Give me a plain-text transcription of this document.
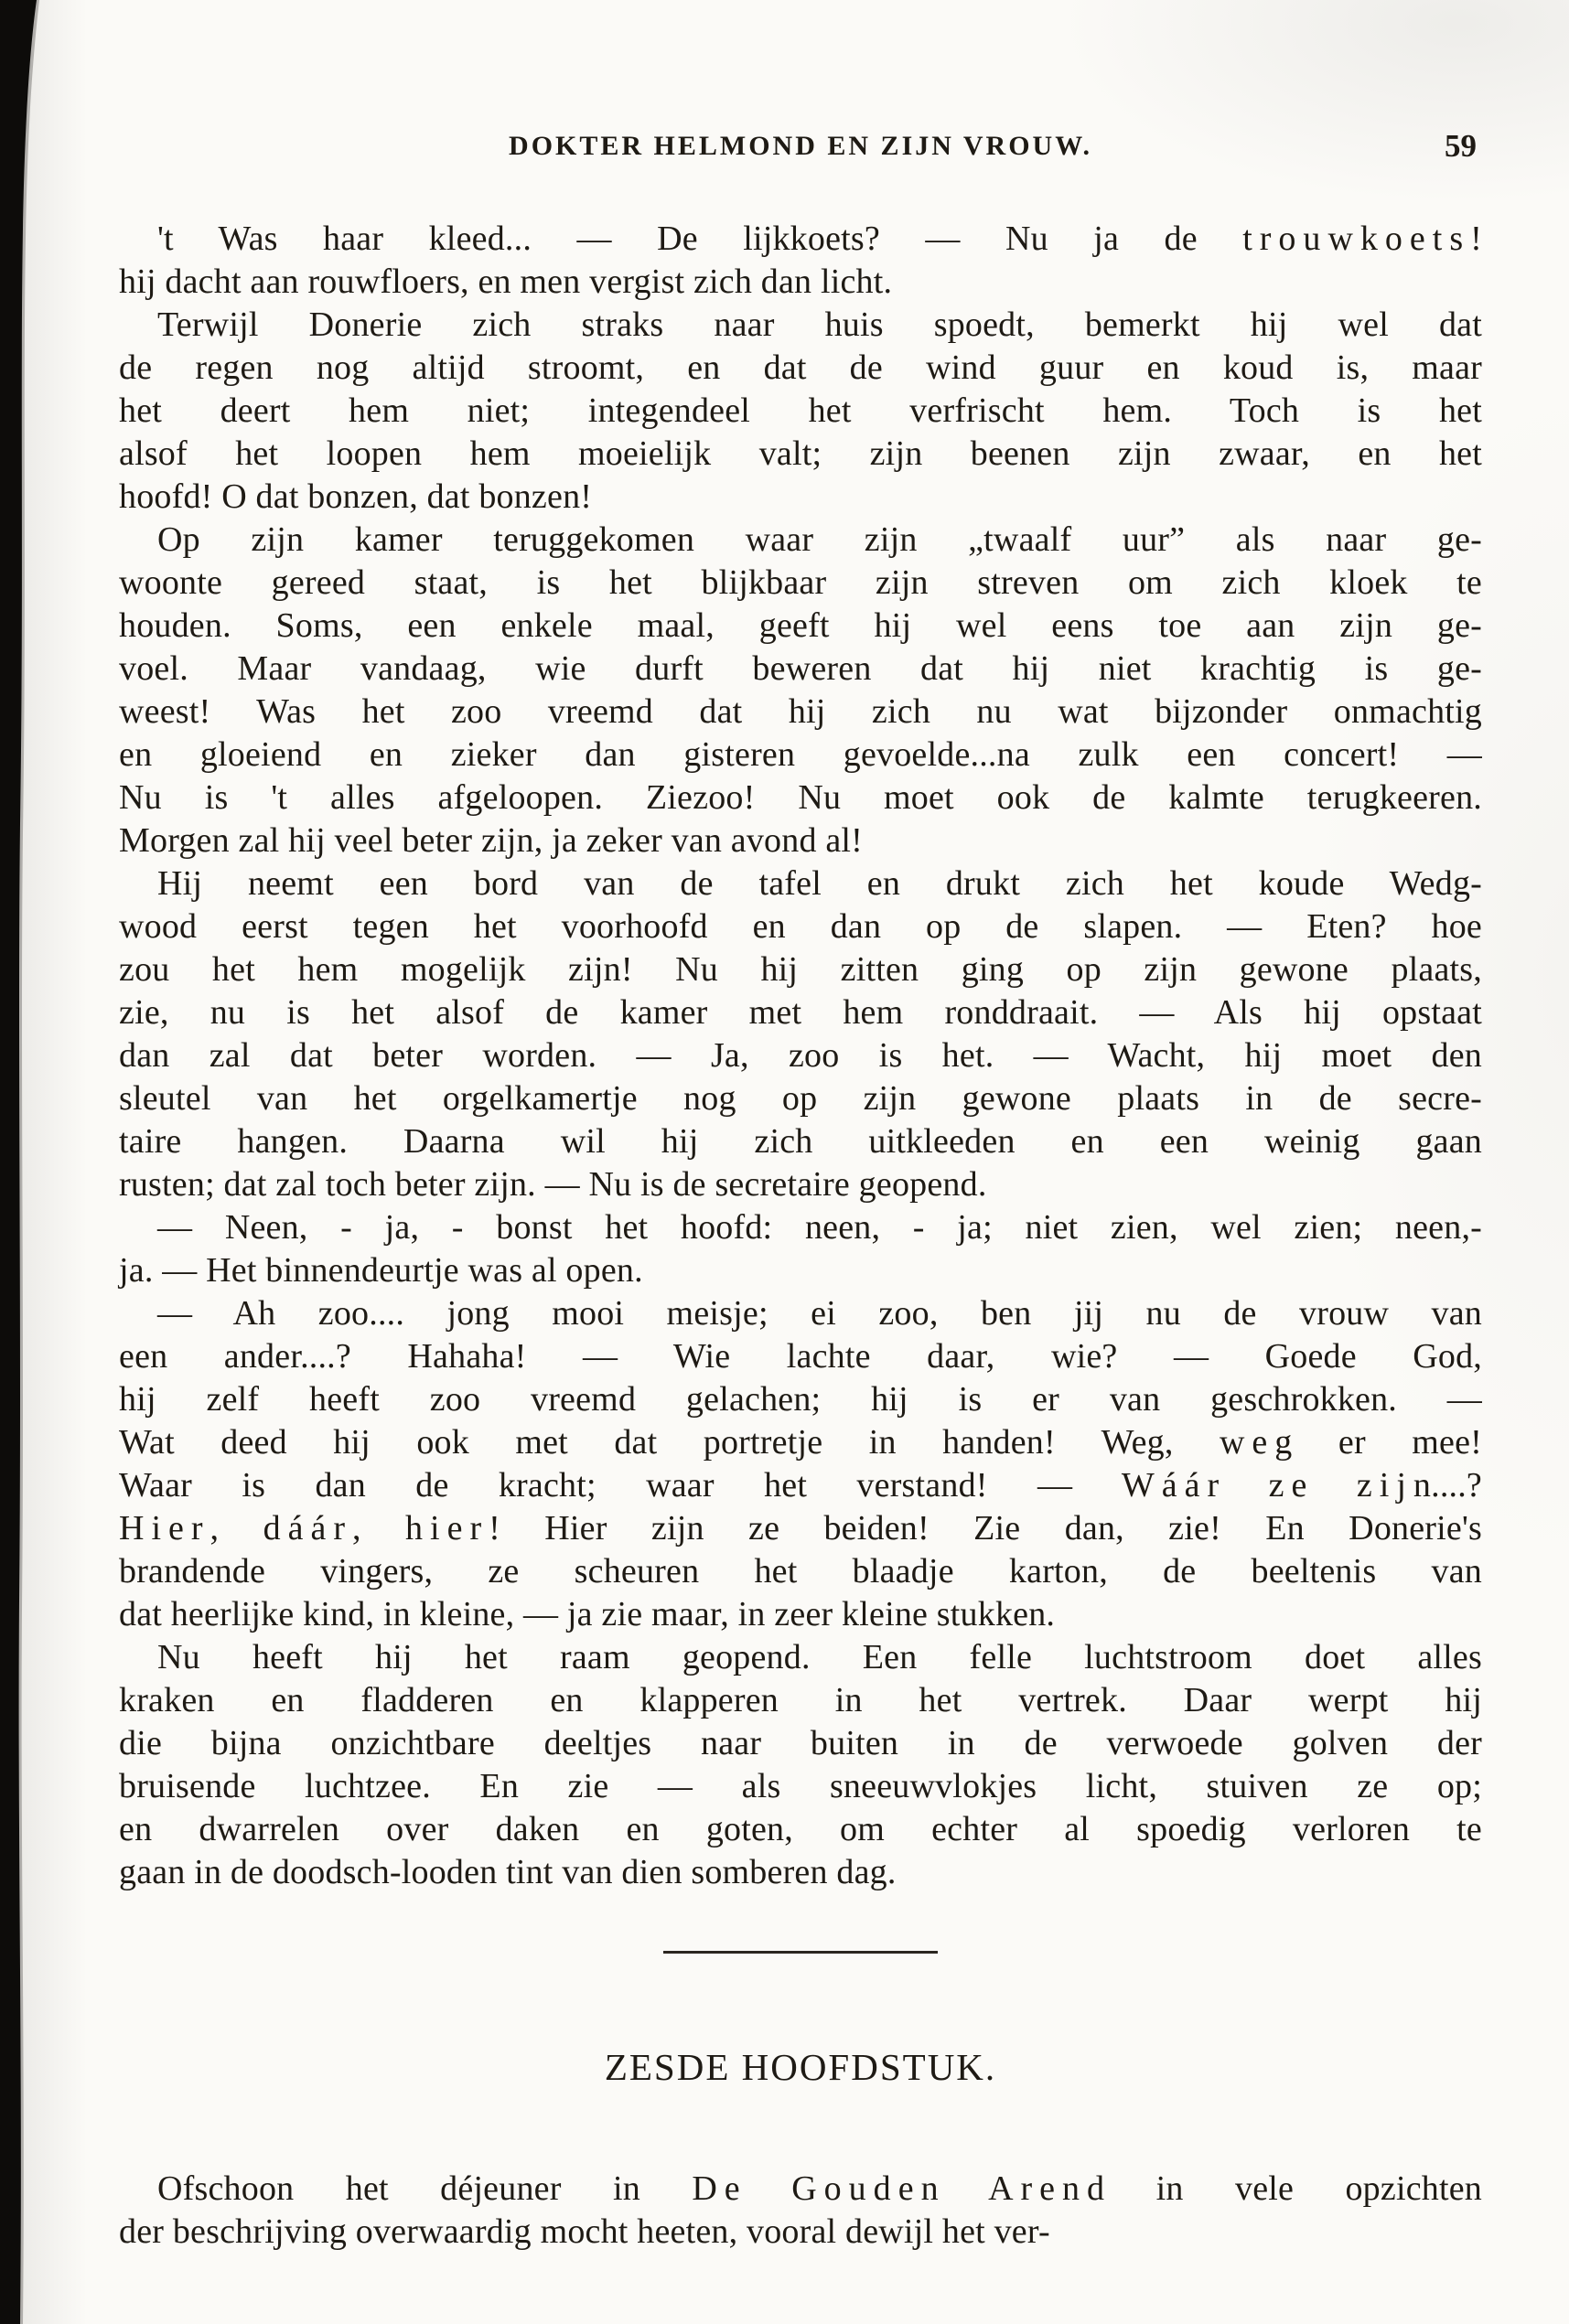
DOKTER HELMOND EN ZIJN VROUW.	59

't Was haar kleed... — De lijkkoets? — Nu ja de t r o u w k o e t s !
hij dacht aan rouwfloers, en men vergist zich dan licht.

Terwijl Donerie zich straks naar huis spoedt, bemerkt hij wel dat
de regen nog altijd stroomt, en dat de wind guur en koud is, maar
het deert hem niet; integendeel het verfrischt hem. Toch is het
alsof het loopen hem moeielijk valt; zijn beenen zijn zwaar, en het
hoofd! O dat bonzen, dat bonzen!

Op zijn kamer teruggekomen waar zijn „twaalf uur” als naar ge-
woonte gereed staat, is het blijkbaar zijn streven om zich kloek te
houden. Soms, een enkele maal, geeft hij wel eens toe aan zijn ge-
voel. Maar vandaag, wie durft beweren dat hij niet krachtig is ge-
weest! Was het zoo vreemd dat hij zich nu wat bijzonder onmachtig
en gloeiend en zieker dan gisteren gevoelde...na zulk een concert! —
Nu is 't alles afgeloopen. Ziezoo! Nu moet ook de kalmte terugkeeren.
Morgen zal hij veel beter zijn, ja zeker van avond al!

Hij neemt een bord van de tafel en drukt zich het koude Wedg-
wood eerst tegen het voorhoofd en dan op de slapen. — Eten? hoe
zou het hem mogelijk zijn! Nu hij zitten ging op zijn gewone plaats,
zie, nu is het alsof de kamer met hem ronddraait. — Als hij opstaat
dan zal dat beter worden. — Ja, zoo is het. — Wacht, hij moet den
sleutel van het orgelkamertje nog op zijn gewone plaats in de secre-
taire hangen. Daarna wil hij zich uitkleeden en een weinig gaan
rusten; dat zal toch beter zijn. — Nu is de secretaire geopend.

— Neen, - ja, - bonst het hoofd: neen, - ja; niet zien, wel zien; neen,-
ja. — Het binnendeurtje was al open.

— Ah zoo.... jong mooi meisje; ei zoo, ben jij nu de vrouw van
een ander....? Hahaha! — Wie lachte daar, wie? — Goede God,
hij zelf heeft zoo vreemd gelachen; hij is er van geschrokken. —
Wat deed hij ook met dat portretje in handen! Weg, w e g er mee!
Waar is dan de kracht; waar het verstand! — W á á r z e z i j n....?
H i e r , d á á r , h i e r ! Hier zijn ze beiden! Zie dan, zie! En Donerie's
brandende vingers, ze scheuren het blaadje karton, de beeltenis van
dat heerlijke kind, in kleine, — ja zie maar, in zeer kleine stukken.

Nu heeft hij het raam geopend. Een felle luchtstroom doet alles
kraken en fladderen en klapperen in het vertrek. Daar werpt hij
die bijna onzichtbare deeltjes naar buiten in de verwoede golven der
bruisende luchtzee. En zie — als sneeuwvlokjes licht, stuiven ze op;
en dwarrelen over daken en goten, om echter al spoedig verloren te
gaan in de doodsch-looden tint van dien somberen dag.

ZESDE HOOFDSTUK.

Ofschoon het déjeuner in D e G o u d e n A r e n d in vele opzichten
der beschrijving overwaardig mocht heeten, vooral dewijl het ver-
